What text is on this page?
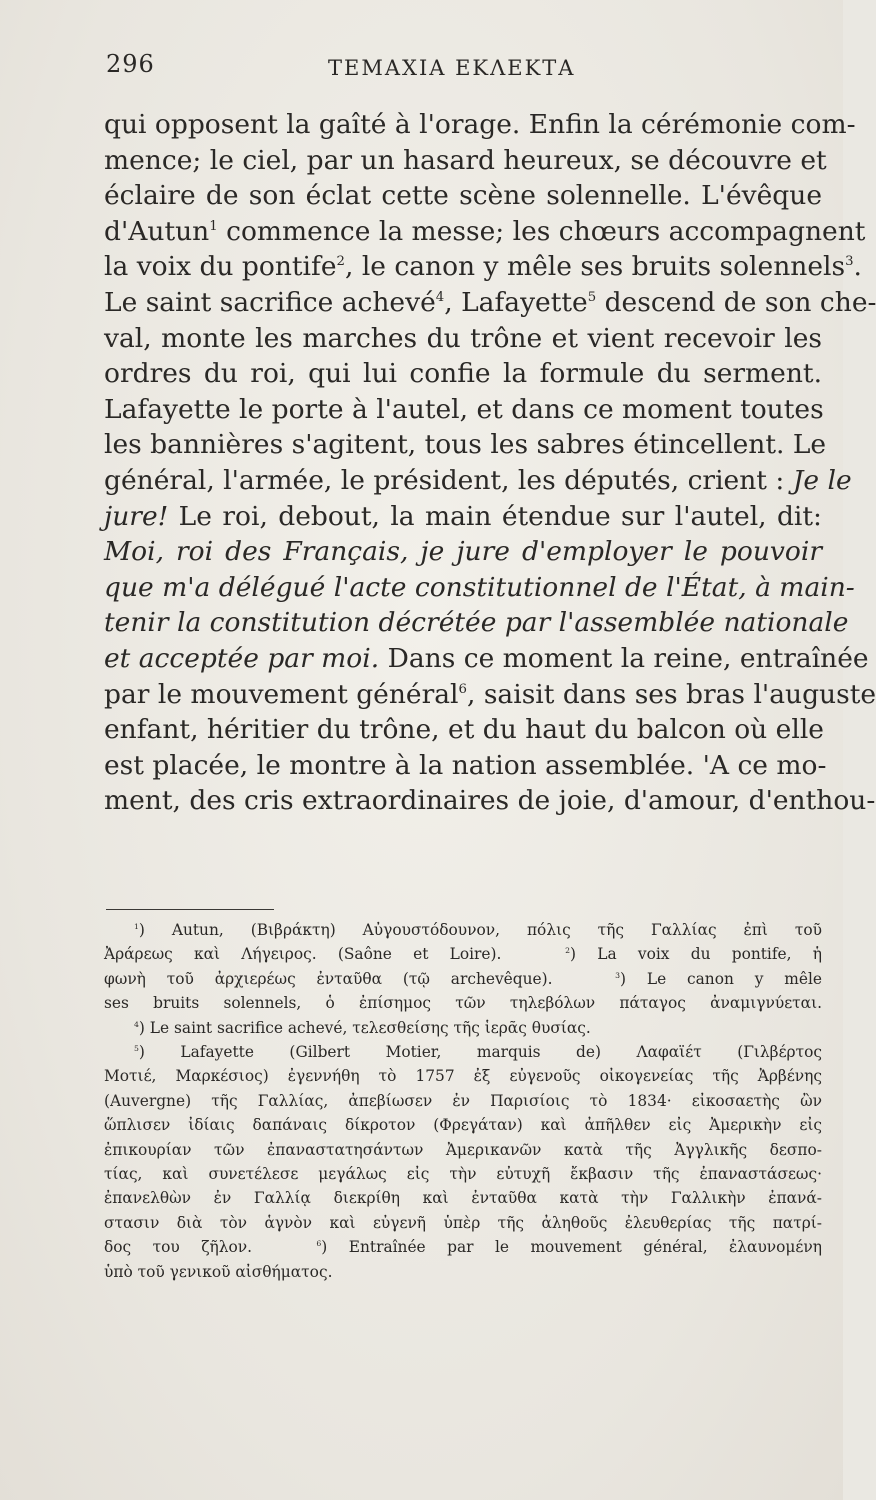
296	ΤΕΜΑΧΙΑ ΕΚΛΕΚΤΑ
qui opposent la gaîté à l'orage. Enfin la cérémonie com-
mence; le ciel, par un hasard heureux, se découvre et
éclaire de son éclat cette scène solennelle. L'évêque
d'Autun$^1$ commence la messe; les chœurs accompagnent
la voix du pontife$^2$, le canon y mêle ses bruits solennels$^3$.
Le saint sacrifice achevé$^4$, Lafayette$^5$ descend de son che-
val, monte les marches du trône et vient recevoir les
ordres du roi, qui lui confie la formule du serment.
Lafayette le porte à l'autel, et dans ce moment toutes
les bannières s'agitent, tous les sabres étincellent. Le
général, l'armée, le président, les députés, crient : Je le
jure! Le roi, debout, la main étendue sur l'autel, dit:
Moi, roi des Français, je jure d'employer le pouvoir
que m'a délégué l'acte constitutionnel de l'État, à main-
tenir la constitution décrétée par l'assemblée nationale
et acceptée par moi. Dans ce moment la reine, entraînée
par le mouvement général$^6$, saisit dans ses bras l'auguste
enfant, héritier du trône, et du haut du balcon où elle
est placée, le montre à la nation assemblée. 'Α ce mo-
ment, des cris extraordinaires de joie, d'amour, d'enthou-
$^1$) Autun, (Βιβράκτη) Αὐγουστόδουνον, πόλις τῆς Γαλλίας ἐπὶ τοῦ
Ἀράρεως καὶ Λήγειρος. (Saône et Loire).	$^2$) La voix du pontife, ἡ
φωνὴ τοῦ ἀρχιερέως ἐνταῦθα (τῷ archevêque).	$^3$) Le canon y mêle
ses bruits solennels, ὁ ἐπίσημος τῶν τηλεβόλων πάταγος ἀναμιγνύεται.
$^4$) Le saint sacrifice achevé, τελεσθείσης τῆς ἱερᾶς θυσίας.
$^5$) Lafayette (Gilbert Motier, marquis de) Λαφαϊέτ (Γιλβέρτος
Μοτιέ, Μαρκέσιος) ἐγεννήθη τὸ 1757 ἐξ εὐγενοῦς οἰκογενείας τῆς Ἀρβένης
(Auvergne) τῆς Γαλλίας, ἀπεβίωσεν ἐν Παρισίοις τὸ 1834· εἰκοσαετὴς ὢν
ὥπλισεν ἰδίαις δαπάναις δίκροτον (Φρεγάταν) καὶ ἀπῆλθεν εἰς Ἀμερικὴν εἰς
ἐπικουρίαν τῶν ἐπαναστατησάντων Ἀμερικανῶν κατὰ τῆς Ἀγγλικῆς δεσπο-
τίας, καὶ συνετέλεσε μεγάλως εἰς τὴν εὐτυχῆ ἔκβασιν τῆς ἐπαναστάσεως·
ἐπανελθὼν ἐν Γαλλίᾳ διεκρίθη καὶ ἐνταῦθα κατὰ τὴν Γαλλικὴν ἐπανά-
στασιν διὰ τὸν ἁγνὸν καὶ εὐγενῆ ὑπὲρ τῆς ἀληθοῦς ἐλευθερίας τῆς πατρί-
δος του ζῆλον.	$^6$) Entraînée par le mouvement général, ἐλαυνομένη
ὑπὸ τοῦ γενικοῦ αἰσθήματος.
